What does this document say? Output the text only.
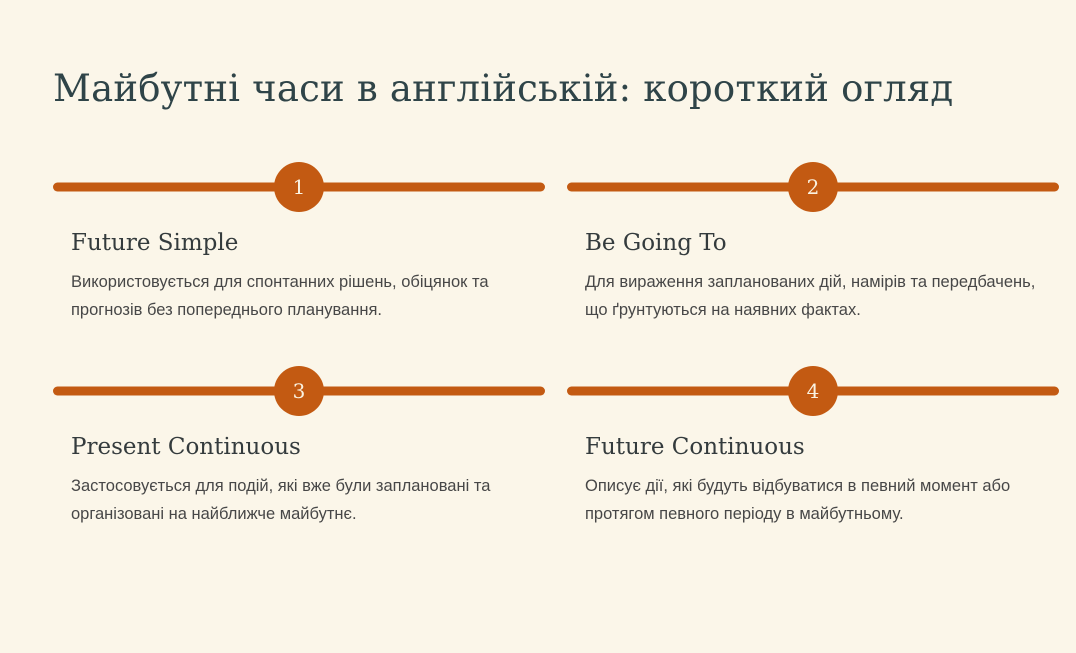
Майбутні часи в англійській: короткий огляд
1
Future Simple

Використовується для спонтанних рішень, обіцянок та прогнозів без попереднього планування.

2
Be Going To

Для вираження запланованих дій, намірів та передбачень, що ґрунтуються на наявних фактах.

3
Present Continuous

Застосовується для подій, які вже були заплановані та організовані на найближче майбутнє.

4
Future Continuous

Описує дії, які будуть відбуватися в певний момент або протягом певного періоду в майбутньому.
